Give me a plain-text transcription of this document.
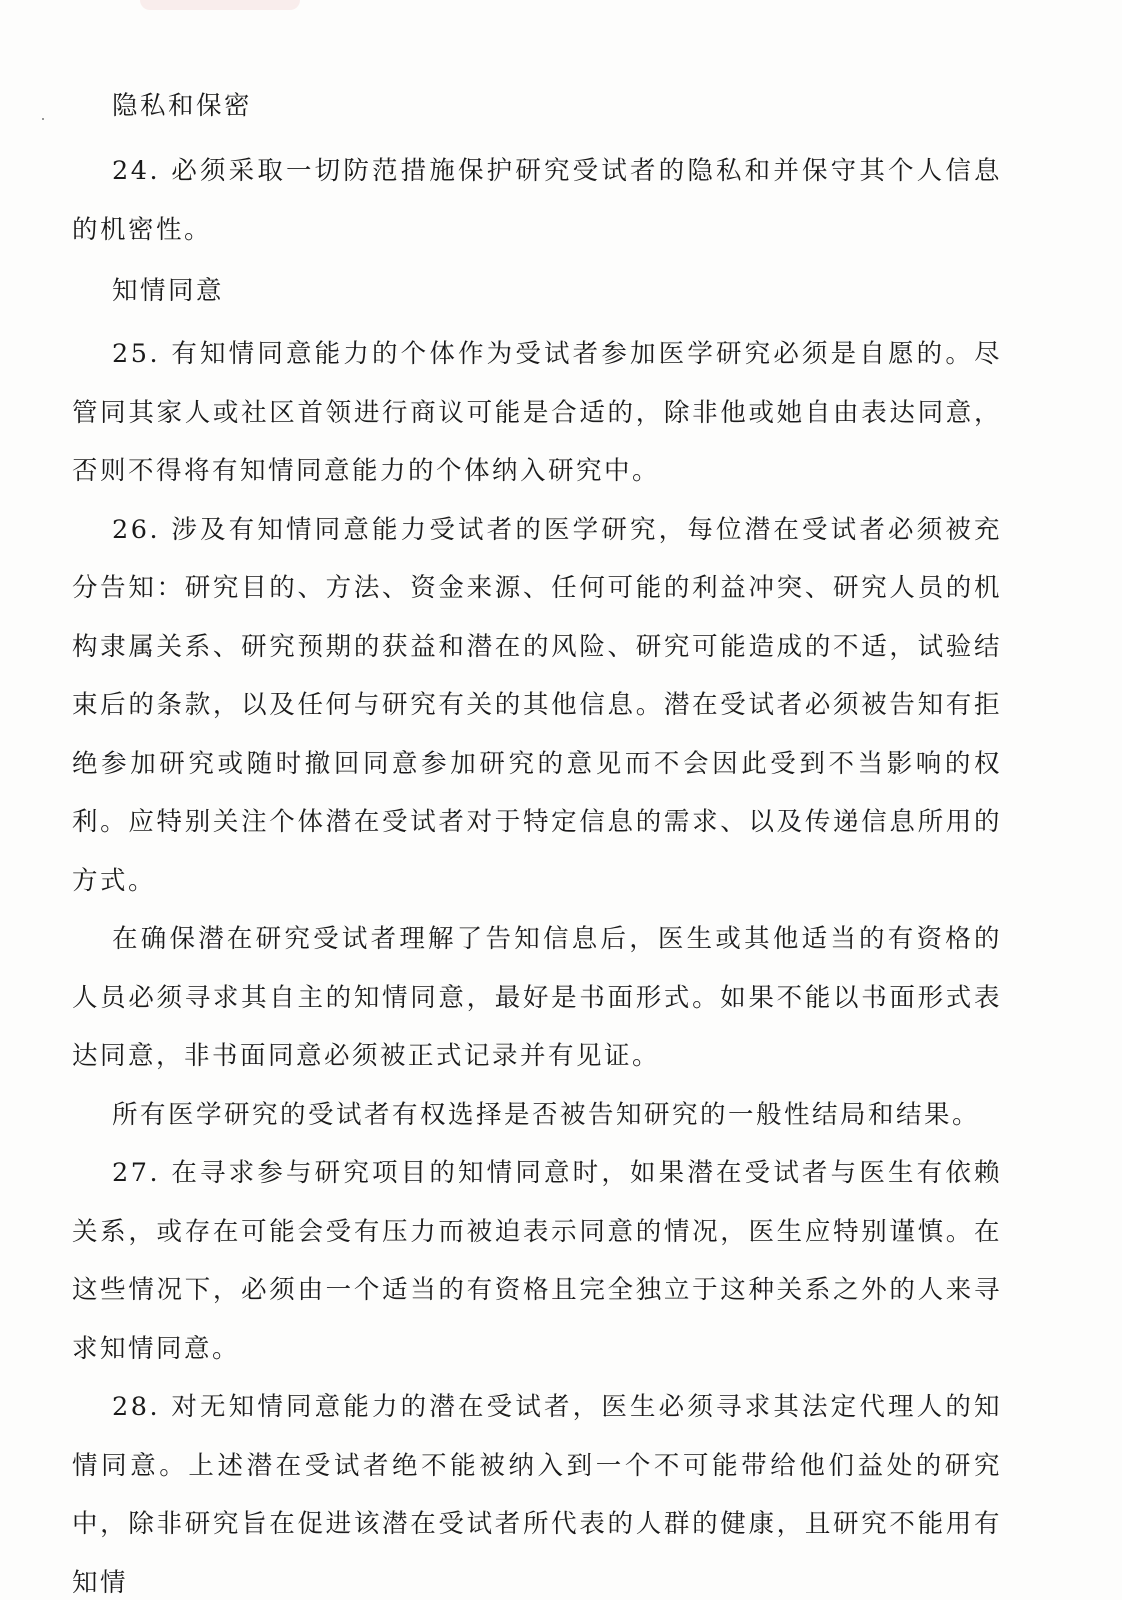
隐私和保密

24. 必须采取一切防范措施保护研究受试者的隐私和并保守其个人信息的机密性。

知情同意

25. 有知情同意能力的个体作为受试者参加医学研究必须是自愿的。尽管同其家人或社区首领进行商议可能是合适的，除非他或她自由表达同意，否则不得将有知情同意能力的个体纳入研究中。

26. 涉及有知情同意能力受试者的医学研究，每位潜在受试者必须被充分告知：研究目的、方法、资金来源、任何可能的利益冲突、研究人员的机构隶属关系、研究预期的获益和潜在的风险、研究可能造成的不适，试验结束后的条款，以及任何与研究有关的其他信息。潜在受试者必须被告知有拒绝参加研究或随时撤回同意参加研究的意见而不会因此受到不当影响的权利。应特别关注个体潜在受试者对于特定信息的需求、以及传递信息所用的方式。

在确保潜在研究受试者理解了告知信息后，医生或其他适当的有资格的人员必须寻求其自主的知情同意，最好是书面形式。如果不能以书面形式表达同意，非书面同意必须被正式记录并有见证。

所有医学研究的受试者有权选择是否被告知研究的一般性结局和结果。

27. 在寻求参与研究项目的知情同意时，如果潜在受试者与医生有依赖关系，或存在可能会受有压力而被迫表示同意的情况，医生应特别谨慎。在这些情况下，必须由一个适当的有资格且完全独立于这种关系之外的人来寻求知情同意。

28. 对无知情同意能力的潜在受试者，医生必须寻求其法定代理人的知情同意。上述潜在受试者绝不能被纳入到一个不可能带给他们益处的研究中，除非研究旨在促进该潜在受试者所代表的人群的健康，且研究不能用有知情
